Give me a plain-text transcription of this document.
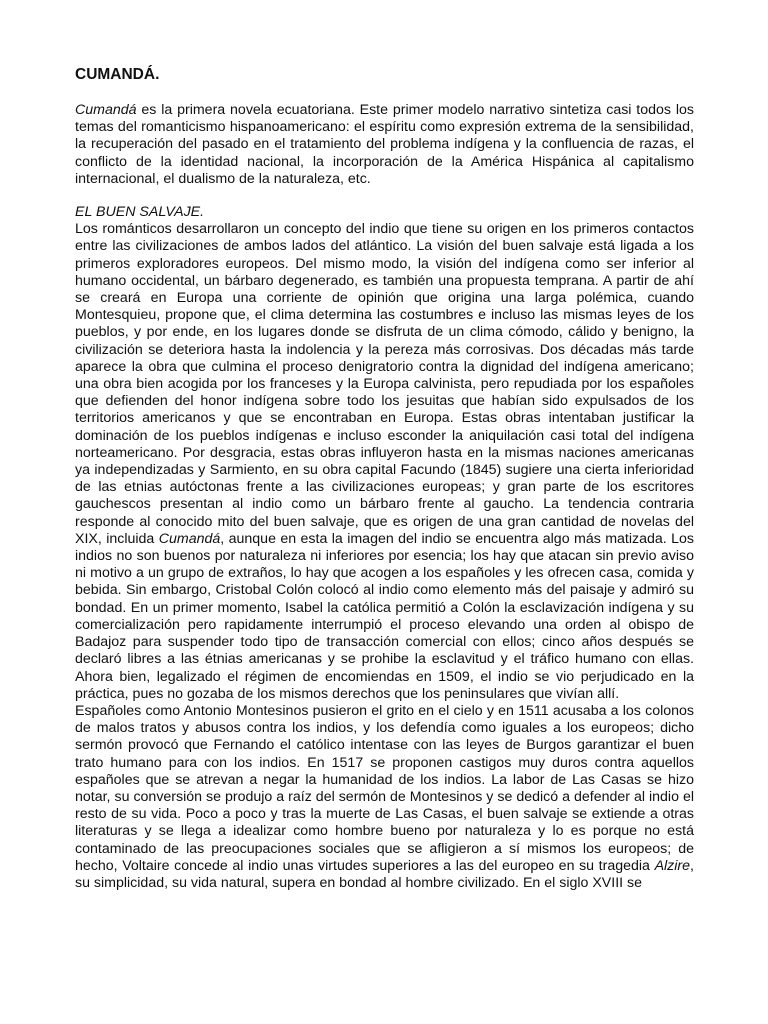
CUMANDÁ.

Cumandá es la primera novela ecuatoriana. Este primer modelo narrativo sintetiza casi todos los temas del romanticismo hispanoamericano: el espíritu como expresión extrema de la sensibilidad, la recuperación del pasado en el tratamiento del problema indígena y la confluencia de razas, el conflicto de la identidad nacional, la incorporación de la América Hispánica al capitalismo internacional, el dualismo de la naturaleza, etc.

EL BUEN SALVAJE.

Los románticos desarrollaron un concepto del indio que tiene su origen en los primeros contactos entre las civilizaciones de ambos lados del atlántico. La visión del buen salvaje está ligada a los primeros exploradores europeos. Del mismo modo, la visión del indígena como ser inferior al humano occidental, un bárbaro degenerado, es también una propuesta temprana. A partir de ahí se creará en Europa una corriente de opinión que origina una larga polémica, cuando Montesquieu, propone que, el clima determina las costumbres e incluso las mismas leyes de los pueblos, y por ende, en los lugares donde se disfruta de un clima cómodo, cálido y benigno, la civilización se deteriora hasta la indolencia y la pereza más corrosivas. Dos décadas más tarde aparece la obra que culmina el proceso denigratorio contra la dignidad del indígena americano; una obra bien acogida por los franceses y la Europa calvinista, pero repudiada por los españoles que defienden del honor indígena sobre todo los jesuitas que habían sido expulsados de los territorios americanos y que se encontraban en Europa. Estas obras intentaban justificar la dominación de los pueblos indígenas e incluso esconder la aniquilación casi total del indígena norteamericano. Por desgracia, estas obras influyeron hasta en la mismas naciones americanas ya independizadas y Sarmiento, en su obra capital Facundo (1845) sugiere una cierta inferioridad de las etnias autóctonas frente a las civilizaciones europeas; y gran parte de los escritores gauchescos presentan al indio como un bárbaro frente al gaucho. La tendencia contraria responde al conocido mito del buen salvaje, que es origen de una gran cantidad de novelas del XIX, incluida Cumandá, aunque en esta la imagen del indio se encuentra algo más matizada. Los indios no son buenos por naturaleza ni inferiores por esencia; los hay que atacan sin previo aviso ni motivo a un grupo de extraños, lo hay que acogen a los españoles y les ofrecen casa, comida y bebida. Sin embargo, Cristobal Colón colocó al indio como elemento más del paisaje y admiró su bondad. En un primer momento, Isabel la católica permitió a Colón la esclavización indígena y su comercialización pero rapidamente interrumpió el proceso elevando una orden al obispo de Badajoz para suspender todo tipo de transacción comercial con ellos; cinco años después se declaró libres a las étnias americanas y se prohibe la esclavitud y el tráfico humano con ellas. Ahora bien, legalizado el régimen de encomiendas en 1509, el indio se vio perjudicado en la práctica, pues no gozaba de los mismos derechos que los peninsulares que vivían allí.

Españoles como Antonio Montesinos pusieron el grito en el cielo y en 1511 acusaba a los colonos de malos tratos y abusos contra los indios, y los defendía como iguales a los europeos; dicho sermón provocó que Fernando el católico intentase con las leyes de Burgos garantizar el buen trato humano para con los indios. En 1517 se proponen castigos muy duros contra aquellos españoles que se atrevan a negar la humanidad de los indios. La labor de Las Casas se hizo notar, su conversión se produjo a raíz del sermón de Montesinos y se dedicó a defender al indio el resto de su vida. Poco a poco y tras la muerte de Las Casas, el buen salvaje se extiende a otras literaturas y se llega a idealizar como hombre bueno por naturaleza y lo es porque no está contaminado de las preocupaciones sociales que se afligieron a sí mismos los europeos; de hecho, Voltaire concede al indio unas virtudes superiores a las del europeo en su tragedia Alzire, su simplicidad, su vida natural, supera en bondad al hombre civilizado. En el siglo XVIII se
